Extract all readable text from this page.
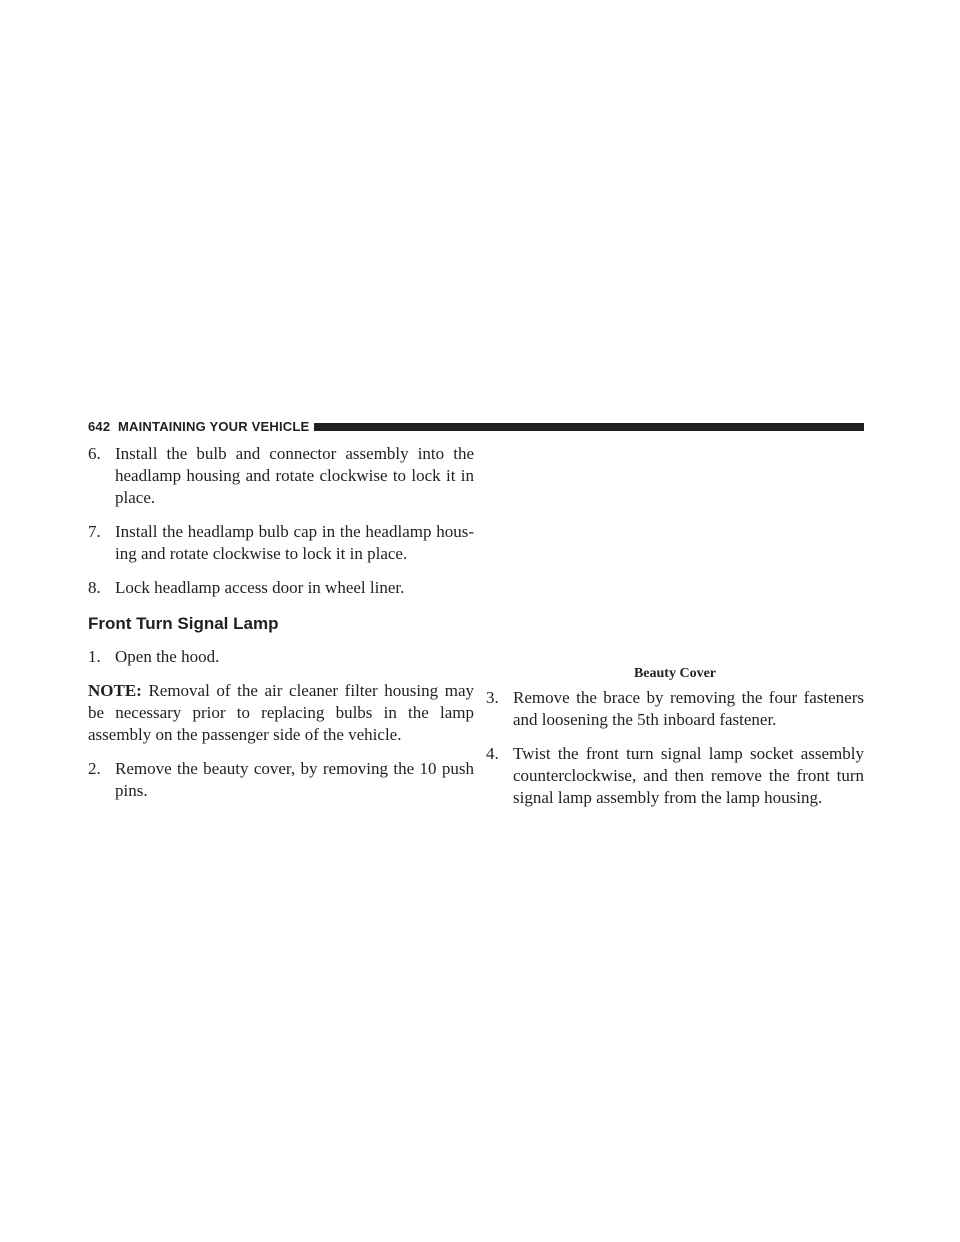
642 MAINTAINING YOUR VEHICLE

6. Install the bulb and connector assembly into the headlamp housing and rotate clockwise to lock it in place.

7. Install the headlamp bulb cap in the headlamp hous-ing and rotate clockwise to lock it in place.

8. Lock headlamp access door in wheel liner.

Front Turn Signal Lamp

1. Open the hood.

NOTE: Removal of the air cleaner filter housing may be necessary prior to replacing bulbs in the lamp assembly on the passenger side of the vehicle.

2. Remove the beauty cover, by removing the 10 push pins.

Beauty Cover

3. Remove the brace by removing the four fasteners and loosening the 5th inboard fastener.

4. Twist the front turn signal lamp socket assembly counterclockwise, and then remove the front turn signal lamp assembly from the lamp housing.
